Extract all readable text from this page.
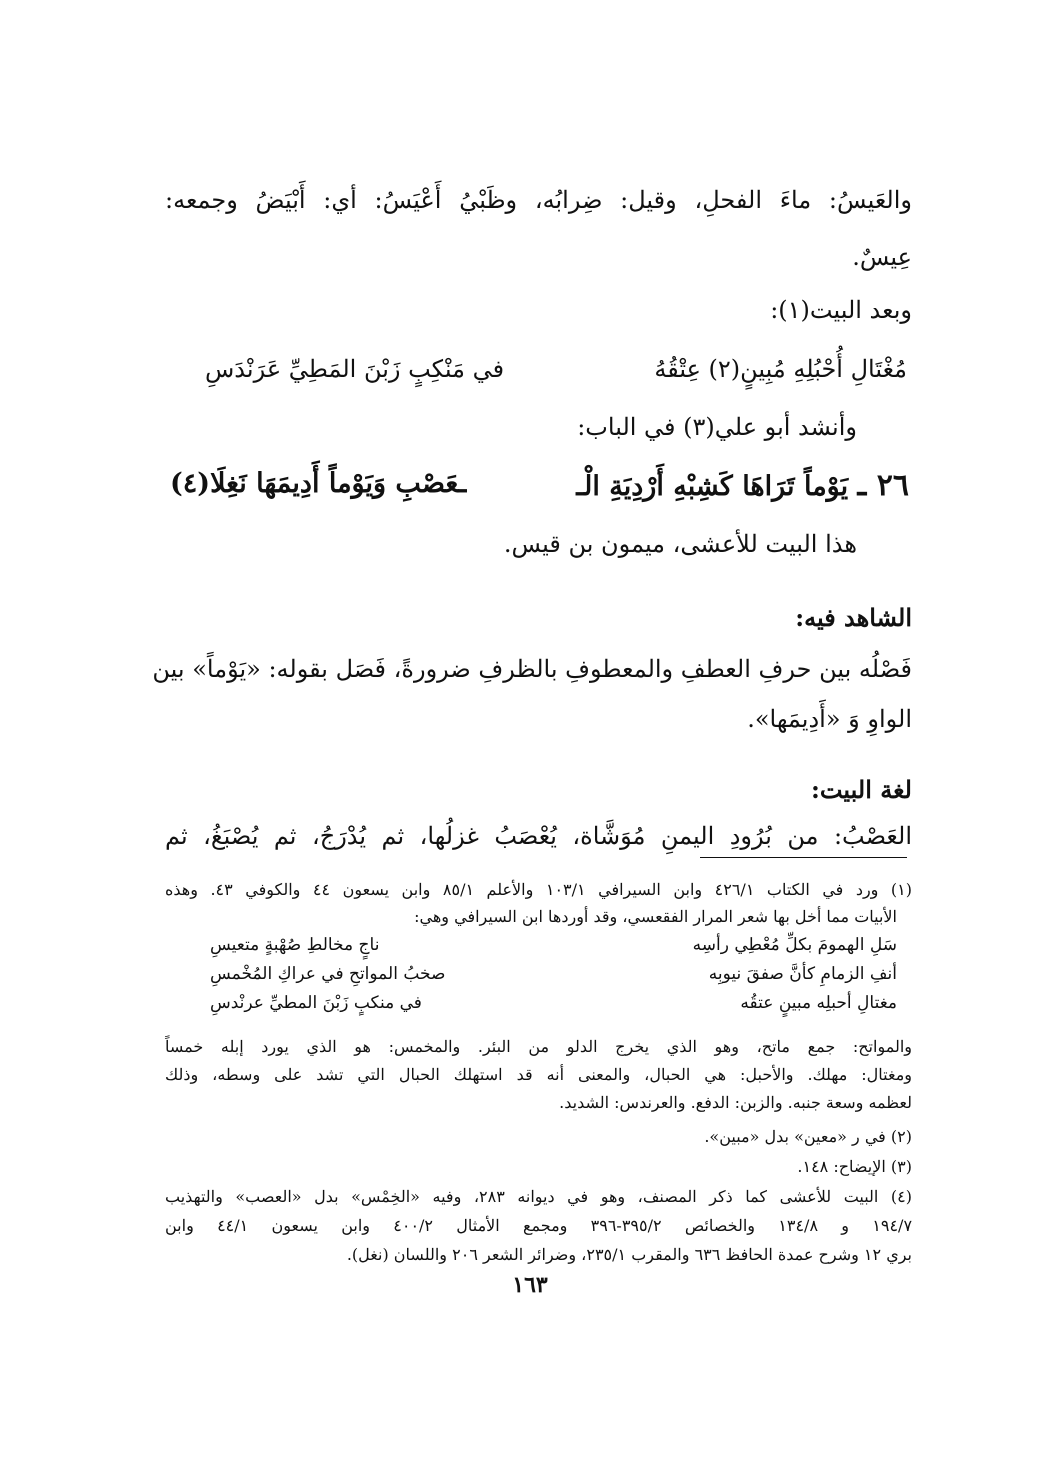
والعَيسُ: ماءَ الفحلِ، وقيل: ضِرابُه، وظَبْيُ أَعْيَسُ: أي: أَبْيَضُ وجمعه:
عِيسٌ.
وبعد البيت(١):
مُغْتَالِ أُحْبُلِهِ مُبِينٍ(٢) عِتْقُهُ
في مَنْكِبٍ زَبْنَ المَطِيِّ عَرَنْدَسِ
وأنشد أبو علي(٣) في الباب:
٢٦ ـ يَوْماً تَرَاهَا كَشِبْهِ أَرْدِيَةِ الْـ
ـعَصْبِ وَيَوْماً أَدِيمَهَا نَغِلَا(٤)
هذا البيت للأعشى، ميمون بن قيس.
الشاهد فيه:
فَصْلُه بين حرفِ العطفِ والمعطوفِ بالظرفِ ضرورةً، فَصَل بقوله: «يَوْماً» بين
الواوِ وَ «أَدِيمَها».
لغة البيت:
العَصْبُ: من بُرُودِ اليمنِ مُوَشَّاة، يُعْصَبُ غزلُها، ثم يُدْرَجُ، ثم يُصْبَغُ، ثم
(١) ورد في الكتاب ٤٢٦/١ وابن السيرافي ١٠٣/١ والأعلم ٨٥/١ وابن يسعون ٤٤ والكوفي ٤٣. وهذه
الأبيات مما أخل بها شعر المرار الفقعسي، وقد أوردها ابن السيرافي وهي:
سَلِ الهمومَ بكلِّ مُعْطِي رأسِه
ناجٍ مخالطِ صُهْبةٍ متعيسِ
أنفِ الزمامِ كأنَّ صفقَ نيوبِه
صخبُ المواتحِ في عراكِ المُخْمسِ
مغتالِ أحبلِه مبينٍ عتقُه
في منكبٍ زَبْنَ المطيِّ عرنْدسِ
والمواتح: جمع ماتح، وهو الذي يخرج الدلو من البئر. والمخمس: هو الذي يورد إبله خمساً
ومغتال: مهلك. والأحبل: هي الحبال، والمعنى أنه قد استهلك الحبال التي تشد على وسطه، وذلك
لعظمه وسعة جنبه. والزبن: الدفع. والعرندس: الشديد.
(٢) في ر «معين» بدل «مبين».
(٣) الإيضاح: ١٤٨.
(٤) البيت للأعشى كما ذكر المصنف، وهو في ديوانه ٢٨٣، وفيه «الخِمْس» بدل «العصب» والتهذيب
١٩٤/٧ و ١٣٤/٨ والخصائص ٣٩٥/٢-٣٩٦ ومجمع الأمثال ٤٠٠/٢ وابن يسعون ٤٤/١ وابن
بري ١٢ وشرح عمدة الحافظ ٦٣٦ والمقرب ٢٣٥/١، وضرائر الشعر ٢٠٦ واللسان (نغل).
١٦٣
